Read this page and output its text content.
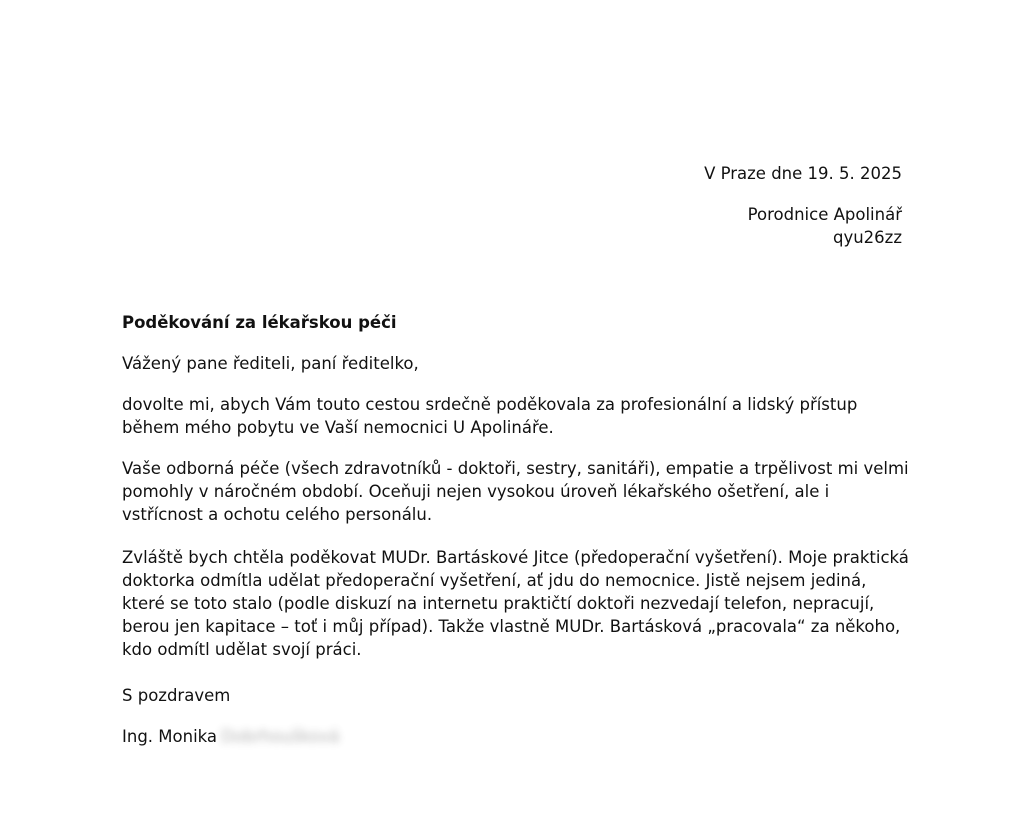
V Praze dne 19. 5. 2025
Porodnice Apolinář
qyu26zz
Poděkování za lékařskou péči
Vážený pane řediteli, paní ředitelko,

dovolte mi, abych Vám touto cestou srdečně poděkovala za profesionální a lidský přístup během mého pobytu ve Vaší nemocnici U Apolináře.

Vaše odborná péče (všech zdravotníků - doktoři, sestry, sanitáři), empatie a trpělivost mi velmi pomohly v náročném období. Oceňuji nejen vysokou úroveň lékařského ošetření, ale i vstřícnost a ochotu celého personálu.

Zvláště bych chtěla poděkovat MUDr. Bartáskové Jitce (předoperační vyšetření). Moje praktická doktorka odmítla udělat předoperační vyšetření, ať jdu do nemocnice. Jistě nejsem jediná, které se toto stalo (podle diskuzí na internetu praktičtí doktoři nezvedají telefon, nepracují, berou jen kapitace – toť i můj případ). Takže vlastně MUDr. Bartásková „pracovala“ za někoho, kdo odmítl udělat svojí práci.

S pozdravem
Ing. Monika Dobrhoušková
